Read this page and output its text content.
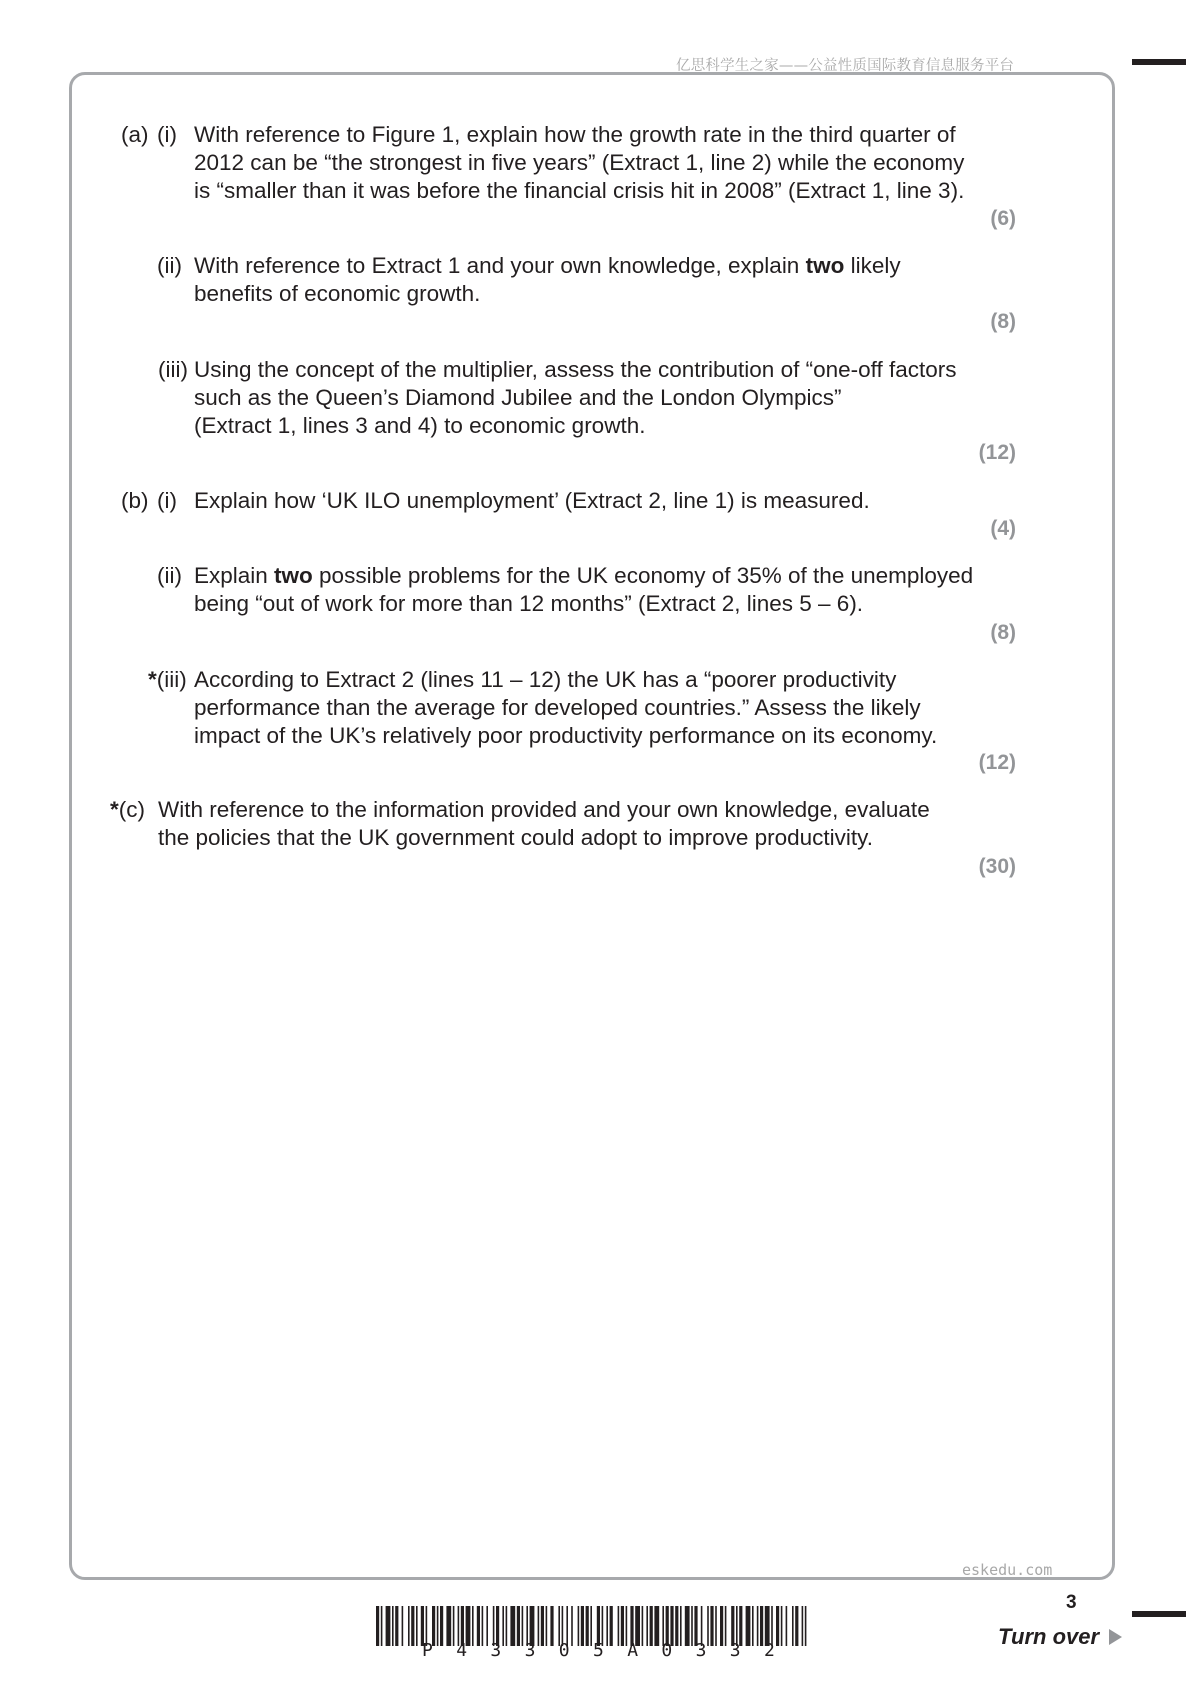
亿思科学生之家——公益性质国际教育信息服务平台
(a) (i) With reference to Figure 1, explain how the growth rate in the third quarter of
2012 can be “the strongest in five years” (Extract 1, line 2) while the economy
is “smaller than it was before the financial crisis hit in 2008” (Extract 1, line 3).
(6)
(ii) With reference to Extract 1 and your own knowledge, explain two likely
benefits of economic growth.
(8)
(iii) Using the concept of the multiplier, assess the contribution of “one-off factors
such as the Queen’s Diamond Jubilee and the London Olympics”
(Extract 1, lines 3 and 4) to economic growth.
(12)
(b) (i) Explain how ‘UK ILO unemployment’ (Extract 2, line 1) is measured.
(4)
(ii) Explain two possible problems for the UK economy of 35% of the unemployed
being “out of work for more than 12 months” (Extract 2, lines 5 – 6).
(8)
*(iii) According to Extract 2 (lines 11 – 12) the UK has a “poorer productivity
performance than the average for developed countries.” Assess the likely
impact of the UK’s relatively poor productivity performance on its economy.
(12)
*(c) With reference to the information provided and your own knowledge, evaluate
the policies that the UK government could adopt to improve productivity.
(30)
eskedu.com
3
Turn over
P 4 3 3 0 5 A 0 3 3 2
